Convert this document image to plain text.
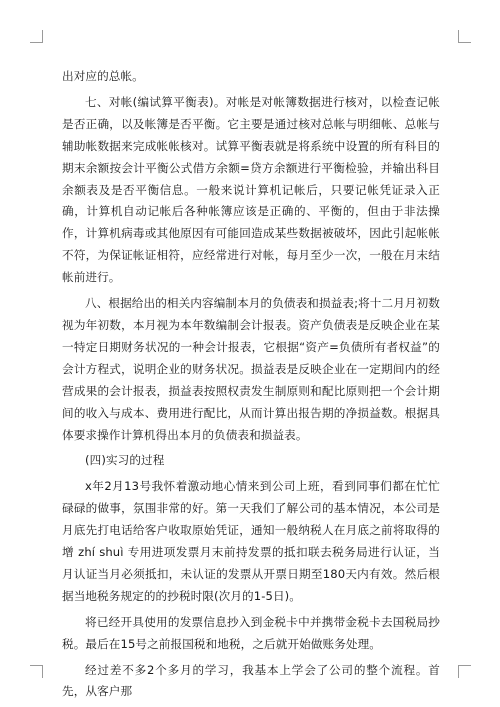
出对应的总帐。

七、对帐(编试算平衡表)。对帐是对帐簿数据进行核对，以检查记帐是否正确，以及帐簿是否平衡。它主要是通过核对总帐与明细帐、总帐与辅助帐数据来完成帐帐核对。试算平衡表就是将系统中设置的所有科目的期末余额按会计平衡公式借方余额=贷方余额进行平衡检验，并输出科目余额表及是否平衡信息。一般来说计算机记帐后，只要记帐凭证录入正确，计算机自动记帐后各种帐簿应该是正确的、平衡的，但由于非法操作，计算机病毒或其他原因有可能回造成某些数据被破坏，因此引起帐帐不符，为保证帐证相符，应经常进行对帐，每月至少一次，一般在月末结帐前进行。

八、根据给出的相关内容编制本月的负债表和损益表;将十二月月初数视为年初数，本月视为本年数编制会计报表。资产负债表是反映企业在某一特定日期财务状况的一种会计报表，它根据“资产=负债所有者权益”的会计方程式，说明企业的财务状况。损益表是反映企业在一定期间内的经营成果的会计报表，损益表按照权责发生制原则和配比原则把一个会计期间的收入与成本、费用进行配比，从而计算出报告期的净损益数。根据具体要求操作计算机得出本月的负债表和损益表。

(四)实习的过程

x年2月13号我怀着激动地心情来到公司上班，看到同事们都在忙忙碌碌的做事，氛围非常的好。第一天我们了解公司的基本情况，本公司是月底先打电话给客户收取原始凭证，通知一般纳税人在月底之前将取得的增 zhí shuì 专用进项发票月末前持发票的抵扣联去税务局进行认证，当月认证当月必须抵扣，未认证的发票从开票日期至180天内有效。然后根据当地税务规定的的抄税时限(次月的1-5日)。

将已经开具使用的发票信息抄入到金税卡中并携带金税卡去国税局抄税。最后在15号之前报国税和地税，之后就开始做账务处理。

经过差不多2个多月的学习，我基本上学会了公司的整个流程。首先，从客户那
